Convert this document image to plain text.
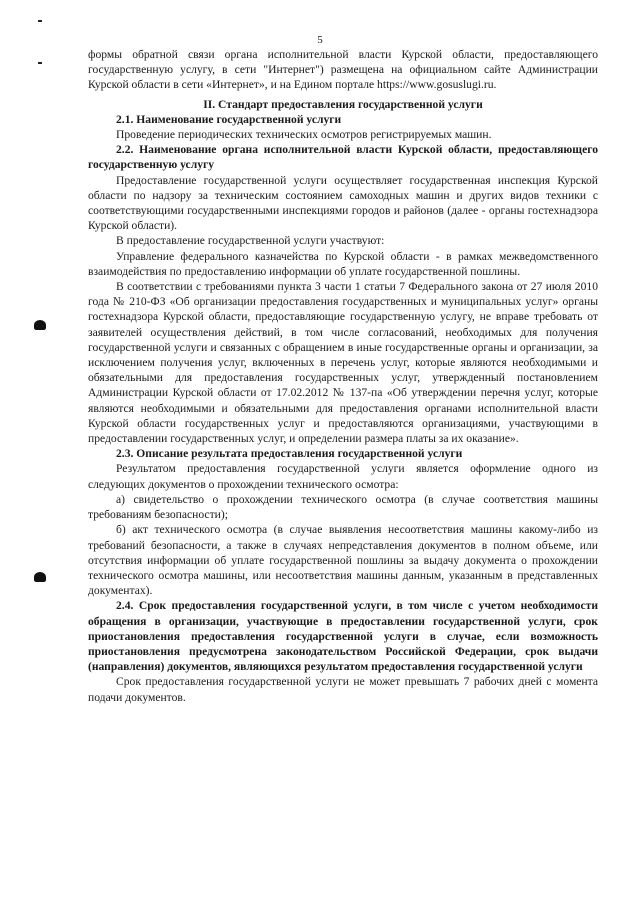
5

формы обратной связи органа исполнительной власти Курской области, предоставляющего государственную услугу, в сети "Интернет") размещена на официальном сайте Администрации Курской области в сети «Интернет», и на Едином портале https://www.gosuslugi.ru.

II. Стандарт предоставления государственной услуги

2.1. Наименование государственной услуги

Проведение периодических технических осмотров регистрируемых машин.

2.2. Наименование органа исполнительной власти Курской области, предоставляющего государственную услугу

Предоставление государственной услуги осуществляет государственная инспекция Курской области по надзору за техническим состоянием самоходных машин и других видов техники с соответствующими государственными инспекциями городов и районов (далее - органы гостехнадзора Курской области).

В предоставление государственной услуги участвуют:

Управление федерального казначейства по Курской области - в рамках межведомственного взаимодействия по предоставлению информации об уплате государственной пошлины.

В соответствии с требованиями пункта 3 части 1 статьи 7 Федерального закона от 27 июля 2010 года № 210-ФЗ «Об организации предоставления государственных и муниципальных услуг» органы гостехнадзора Курской области, предоставляющие государственную услугу, не вправе требовать от заявителей осуществления действий, в том числе согласований, необходимых для получения государственной услуги и связанных с обращением в иные государственные органы и организации, за исключением получения услуг, включенных в перечень услуг, которые являются необходимыми и обязательными для предоставления государственных услуг, утвержденный постановлением Администрации Курской области от 17.02.2012 № 137-па «Об утверждении перечня услуг, которые являются необходимыми и обязательными для предоставления органами исполнительной власти Курской области государственных услуг и предоставляются организациями, участвующими в предоставлении государственных услуг, и определении размера платы за их оказание».

2.3. Описание результата предоставления государственной услуги

Результатом предоставления государственной услуги является оформление одного из следующих документов о прохождении технического осмотра:

а) свидетельство о прохождении технического осмотра (в случае соответствия машины требованиям безопасности);

б) акт технического осмотра (в случае выявления несоответствия машины какому-либо из требований безопасности, а также в случаях непредставления документов в полном объеме, или отсутствия информации об уплате государственной пошлины за выдачу документа о прохождении технического осмотра машины, или несоответствия машины данным, указанным в представленных документах).

2.4. Срок предоставления государственной услуги, в том числе с учетом необходимости обращения в организации, участвующие в предоставлении государственной услуги, срок приостановления предоставления государственной услуги в случае, если возможность приостановления предусмотрена законодательством Российской Федерации, срок выдачи (направления) документов, являющихся результатом предоставления государственной услуги

Срок предоставления государственной услуги не может превышать 7 рабочих дней с момента подачи документов.
